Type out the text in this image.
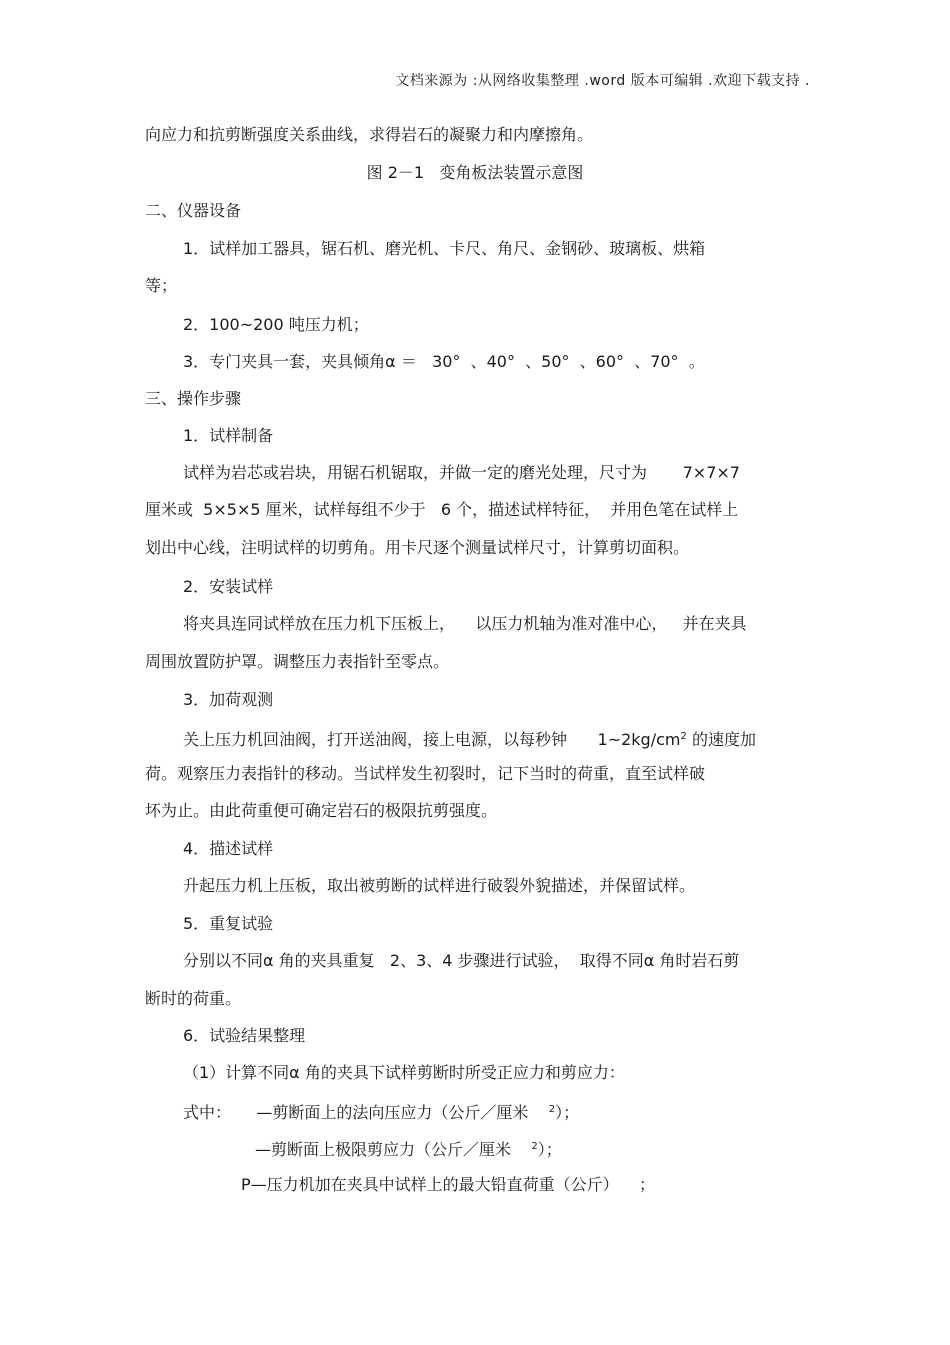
文档来源为 :从网络收集整理 .word 版本可编辑 .欢迎下载支持 .
向应力和抗剪断强度关系曲线，求得岩石的凝聚力和内摩擦角。
图 2－1   变角板法装置示意图
二、仪器设备
1．试样加工器具，锯石机、磨光机、卡尺、角尺、金钢砂、玻璃板、烘箱
等；
2．100~200 吨压力机；
3．专门夹具一套，夹具倾角α ＝   30°  、40°  、50°  、60°  、70°  。
三、操作步骤
1．试样制备
试样为岩芯或岩块，用锯石机锯取，并做一定的磨光处理，尺寸为       7×7×7
厘米或  5×5×5 厘米，试样每组不少于   6 个，描述试样特征，  并用色笔在试样上
划出中心线，注明试样的切剪角。用卡尺逐个测量试样尺寸，计算剪切面积。
2．安装试样
将夹具连同试样放在压力机下压板上，    以压力机轴为准对准中心，   并在夹具
周围放置防护罩。调整压力表指针至零点。
3．加荷观测
关上压力机回油阀，打开送油阀，接上电源，以每秒钟      $1\sim 2kg/cm^2$ 的速度加
荷。观察压力表指针的移动。当试样发生初裂时，记下当时的荷重，直至试样破
坏为止。由此荷重便可确定岩石的极限抗剪强度。
4．描述试样
升起压力机上压板，取出被剪断的试样进行破裂外貌描述，并保留试样。
5．重复试验
分别以不同α 角的夹具重复   2、3、4 步骤进行试验，  取得不同α 角时岩石剪
断时的荷重。
6．试验结果整理
（1）计算不同α 角的夹具下试样剪断时所受正应力和剪应力：
式中：     —剪断面上的法向压应力（公斤／厘米    $^2$）；
—剪断面上极限剪应力（公斤／厘米    $^2$）；
P—压力机加在夹具中试样上的最大铅直荷重（公斤）    ；
